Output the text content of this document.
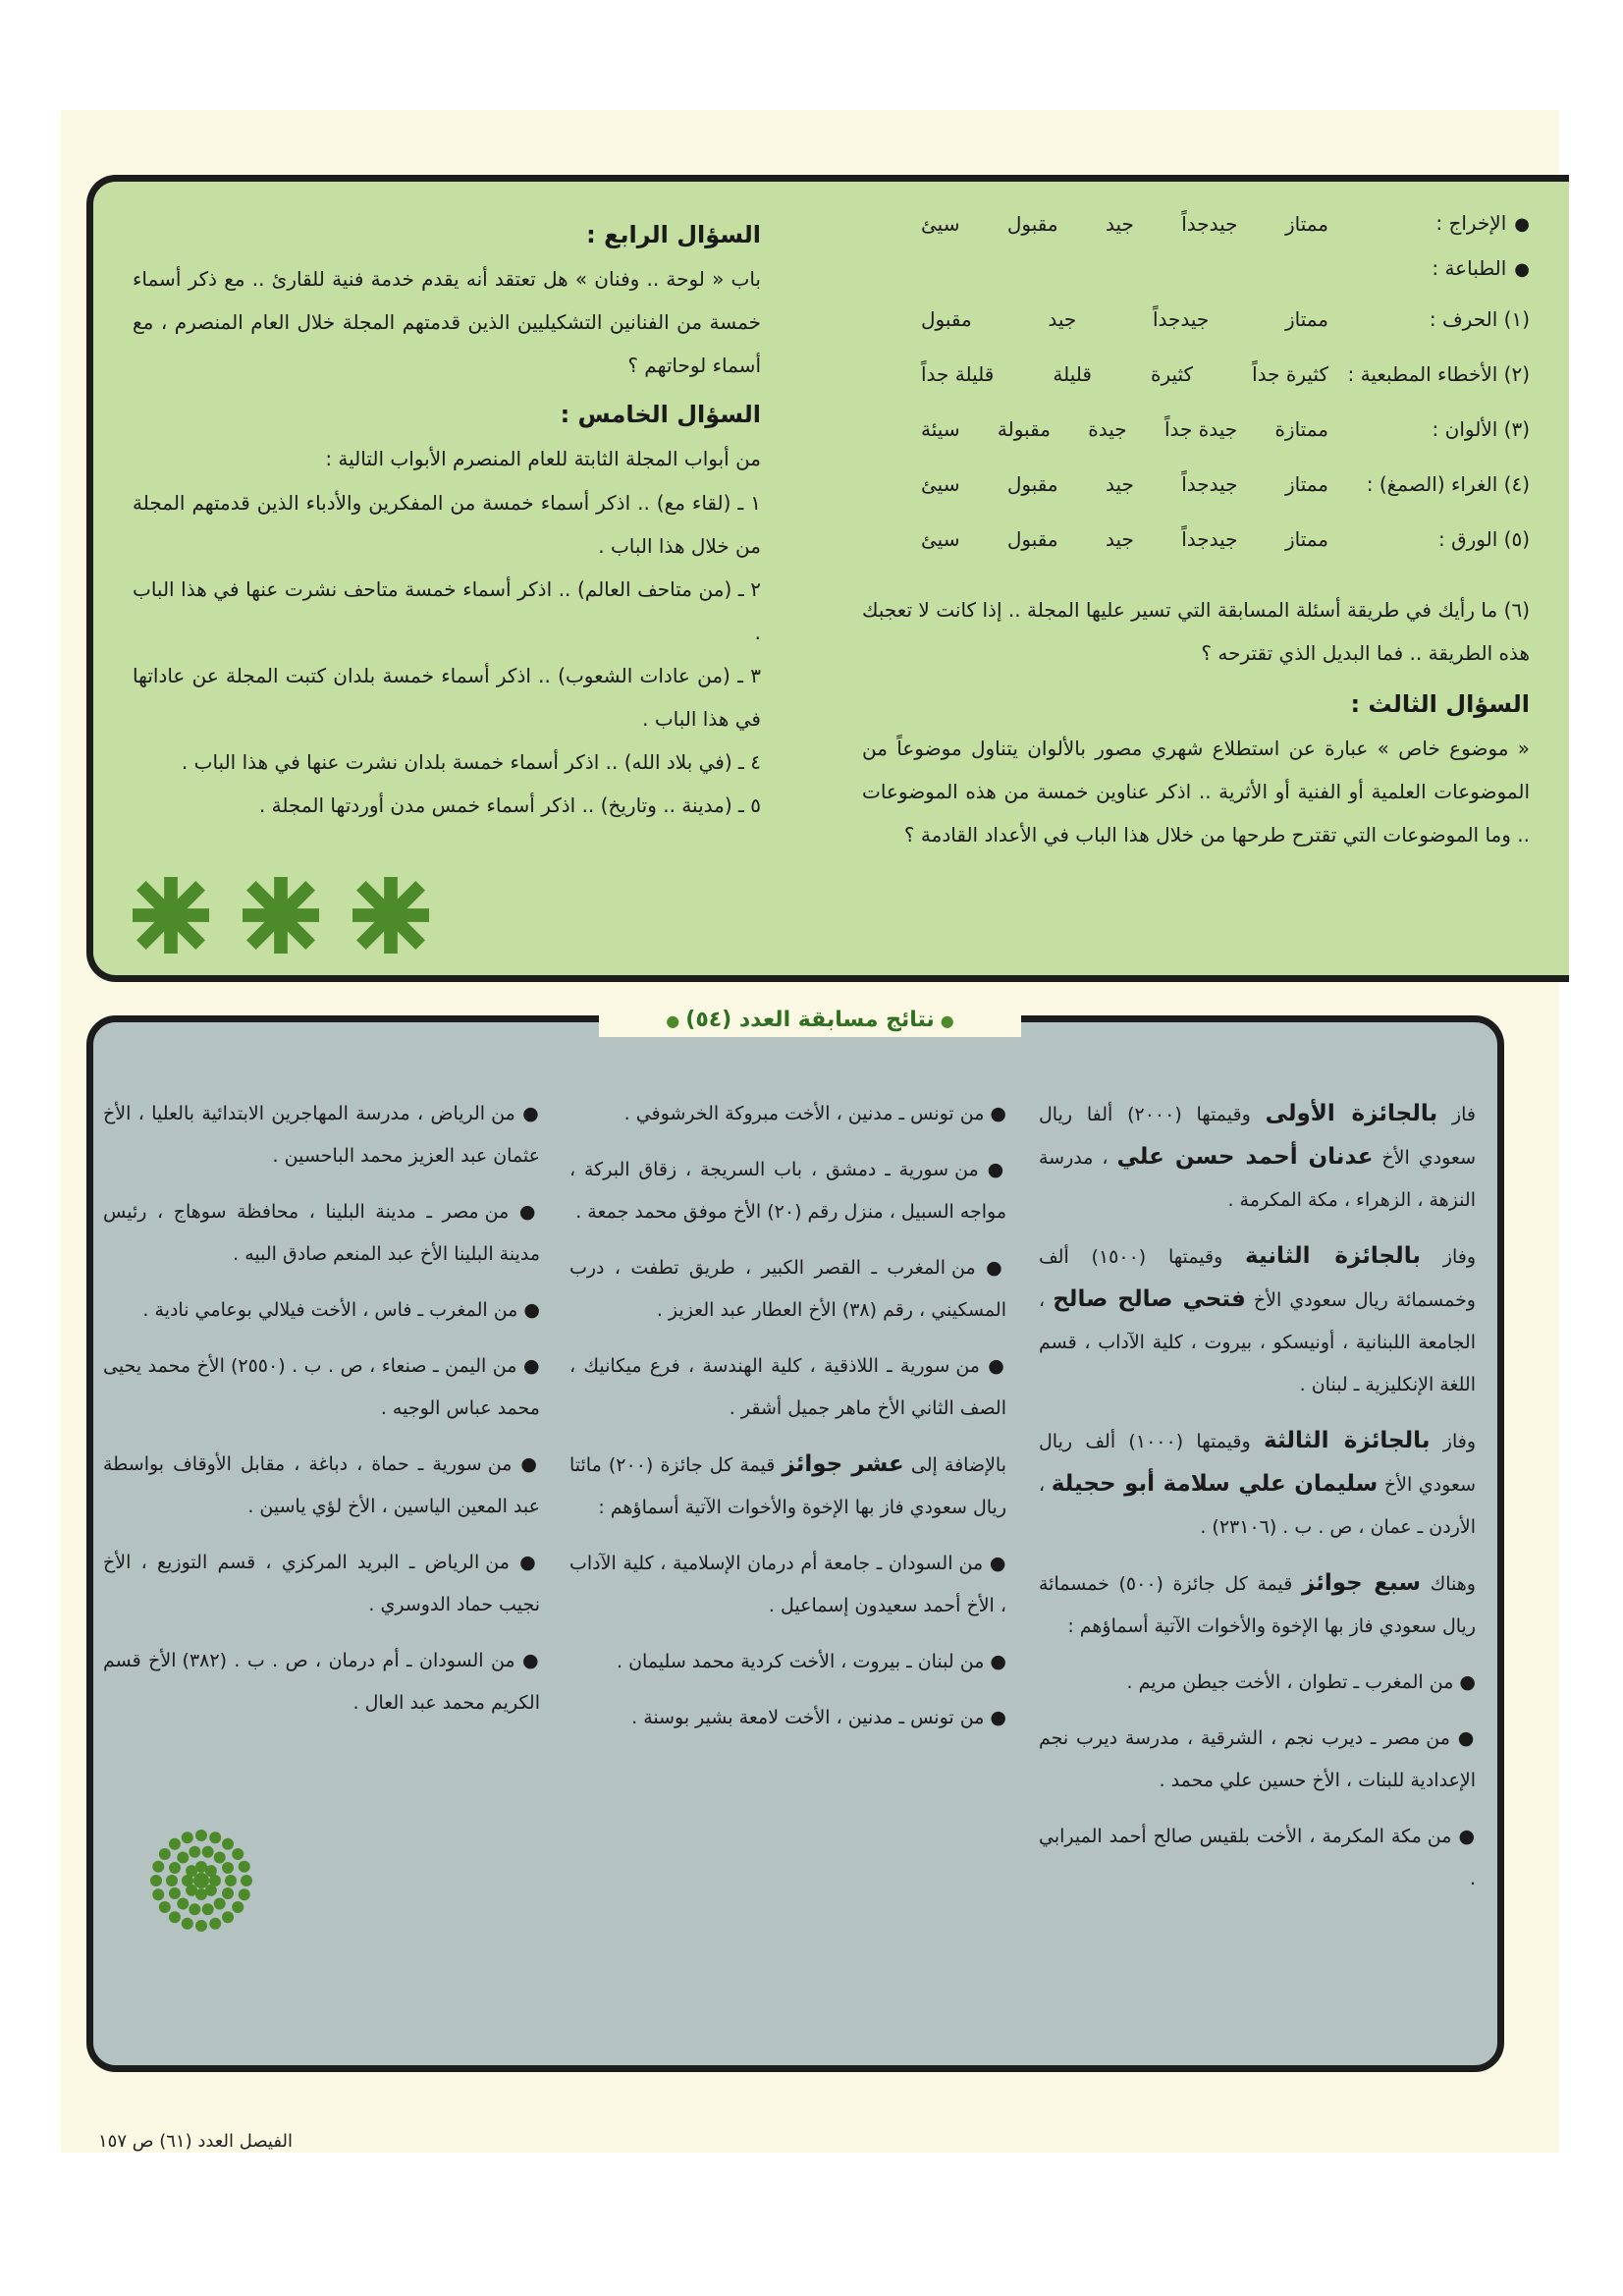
● الإخراج :
ممتاز
جيدجداً
جيد
مقبول
سيئ
● الطباعة :
(١) الحرف :
ممتاز
جيدجداً
جيد
مقبول
(٢) الأخطاء المطبعية :
كثيرة جداً
كثيرة
قليلة
قليلة جداً
(٣) الألوان :
ممتازة
جيدة جداً
جيدة
مقبولة
سيئة
(٤) الغراء (الصمغ) :
ممتاز
جيدجداً
جيد
مقبول
سيئ
(٥) الورق :
ممتاز
جيدجداً
جيد
مقبول
سيئ

(٦) ما رأيك في طريقة أسئلة المسابقة التي تسير عليها المجلة .. إذا كانت لا تعجبك هذه الطريقة .. فما البديل الذي تقترحه ؟

السؤال الثالث :

« موضوع خاص » عبارة عن استطلاع شهري مصور بالألوان يتناول موضوعاً من الموضوعات العلمية أو الفنية أو الأثرية .. اذكر عناوين خمسة من هذه الموضوعات .. وما الموضوعات التي تقترح طرحها من خلال هذا الباب في الأعداد القادمة ؟

السؤال الرابع :

باب « لوحة .. وفنان » هل تعتقد أنه يقدم خدمة فنية للقارئ .. مع ذكر أسماء خمسة من الفنانين التشكيليين الذين قدمتهم المجلة خلال العام المنصرم ، مع أسماء لوحاتهم ؟

السؤال الخامس :

من أبواب المجلة الثابتة للعام المنصرم الأبواب التالية :

١ ـ (لقاء مع) .. اذكر أسماء خمسة من المفكرين والأدباء الذين قدمتهم المجلة من خلال هذا الباب .

٢ ـ (من متاحف العالم) .. اذكر أسماء خمسة متاحف نشرت عنها في هذا الباب .

٣ ـ (من عادات الشعوب) .. اذكر أسماء خمسة بلدان كتبت المجلة عن عاداتها في هذا الباب .

٤ ـ (في بلاد الله) .. اذكر أسماء خمسة بلدان نشرت عنها في هذا الباب .

٥ ـ (مدينة .. وتاريخ) .. اذكر أسماء خمس مدن أوردتها المجلة .

فاز بالجائزة الأولى وقيمتها (٢٠٠٠) ألفا ريال سعودي الأخ عدنان أحمد حسن علي ، مدرسة النزهة ، الزهراء ، مكة المكرمة .

وفاز بالجائزة الثانية وقيمتها (١٥٠٠) ألف وخمسمائة ريال سعودي الأخ فتحي صالح صالح ، الجامعة اللبنانية ، أونيسكو ، بيروت ، كلية الآداب ، قسم اللغة الإنكليزية ـ لبنان .

وفاز بالجائزة الثالثة وقيمتها (١٠٠٠) ألف ريال سعودي الأخ سليمان علي سلامة أبو حجيلة ، الأردن ـ عمان ، ص . ب . (٢٣١٠٦) .

وهناك سبع جوائز قيمة كل جائزة (٥٠٠) خمسمائة ريال سعودي فاز بها الإخوة والأخوات الآتية أسماؤهم :

● من المغرب ـ تطوان ، الأخت جيطن مريم .

● من مصر ـ ديرب نجم ، الشرقية ، مدرسة ديرب نجم الإعدادية للبنات ، الأخ حسين علي محمد .

● من مكة المكرمة ، الأخت بلقيس صالح أحمد الميرابي .

● من تونس ـ مدنين ، الأخت مبروكة الخرشوفي .

● من سورية ـ دمشق ، باب السريجة ، زقاق البركة ، مواجه السبيل ، منزل رقم (٢٠) الأخ موفق محمد جمعة .

● من المغرب ـ القصر الكبير ، طريق تطفت ، درب المسكيني ، رقم (٣٨) الأخ العطار عبد العزيز .

● من سورية ـ اللاذقية ، كلية الهندسة ، فرع ميكانيك ، الصف الثاني الأخ ماهر جميل أشقر .

بالإضافة إلى عشر جوائز قيمة كل جائزة (٢٠٠) مائتا ريال سعودي فاز بها الإخوة والأخوات الآتية أسماؤهم :

● من السودان ـ جامعة أم درمان الإسلامية ، كلية الآداب ، الأخ أحمد سعيدون إسماعيل .

● من لبنان ـ بيروت ، الأخت كردية محمد سليمان .

● من تونس ـ مدنين ، الأخت لامعة بشير بوسنة .

● من الرياض ، مدرسة المهاجرين الابتدائية بالعليا ، الأخ عثمان عبد العزيز محمد الباحسين .

● من مصر ـ مدينة البلينا ، محافظة سوهاج ، رئيس مدينة البلينا الأخ عبد المنعم صادق البيه .

● من المغرب ـ فاس ، الأخت فيلالي بوعامي نادية .

● من اليمن ـ صنعاء ، ص . ب . (٢٥٥٠) الأخ محمد يحيى محمد عباس الوجيه .

● من سورية ـ حماة ، دباغة ، مقابل الأوقاف بواسطة عبد المعين الياسين ، الأخ لؤي ياسين .

● من الرياض ـ البريد المركزي ، قسم التوزيع ، الأخ نجيب حماد الدوسري .

● من السودان ـ أم درمان ، ص . ب . (٣٨٢) الأخ قسم الكريم محمد عبد العال .

●نتائج مسابقة العدد (٥٤)●
الفيصل العدد (٦١) ص ١٥٧
